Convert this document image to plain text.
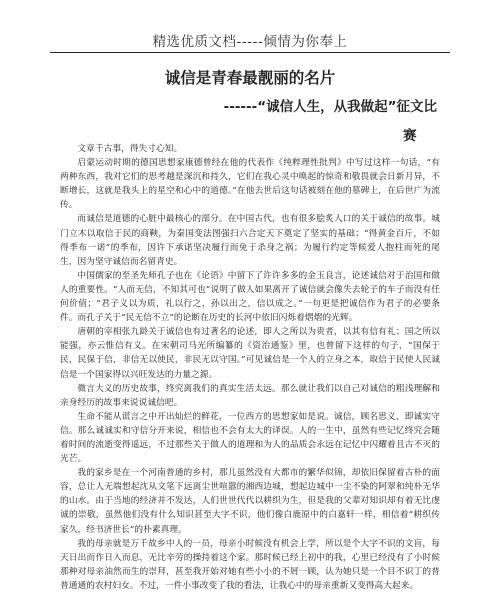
精选优质文档-----倾情为你奉上
诚信是青春最靓丽的名片
------“诚信人生，从我做起”征文比
赛

文章千古事，得失寸心知。

启蒙运动时期的德国思想家康德曾经在他的代表作《纯粹理性批判》中写过这样一句话，“有两种东西，我对它们的思考越是深沉和持久，它们在我心灵中唤起的惊奇和敬畏就会日新月异，不断增长，这就是我头上的星空和心中的道德。”在他去世后这句话被刻在他的墓碑上，在后世广为流传。

而诚信是道德的心脏中最核心的部分。在中国古代，也有很多脍炙人口的关于诚信的故事。城门立木以取信于民的商鞅，为秦国变法图强扫六合定天下奠定了坚实的基础；“得黄金百斤，不如得季布一诺”的季布，因许下承诺坚决履行而免于杀身之祸；为履行约定等候爱人抱柱而死的尾生，因为坚守诚信而名留青史。

中国儒家的至圣先师孔子也在《论语》中留下了许许多多的金玉良言，论述诚信对于治国和做人的重要性。“人而无信，不知其可也”说明了做人如果离开了诚信就会像失去轮子的车子而没有任何价值；“君子义以为质，礼以行之，孙以出之，信以成之。”一句更是把诚信作为君子的必要条件。而孔子关于“民无信不立”的论断在历史的长河中依旧闪烁着熠熠的光辉。

唐朝的宰相张九龄关于诚信也有过著名的论述，即人之所以为贵者，以其有信有礼；国之所以能强，亦云惟信有义。在宋朝司马光所编纂的《资治通鉴》里，也曾留下这样的句子，“国保于民，民保于信，非信无以使民，非民无以守国。”可见诚信是一个人的立身之本，取信于民使人民诚信是一个国家得以兴旺发达的力量之源。

微言大义的历史故事，终究离我们的真实生活太远。那么就让我们以自己对诚信的粗浅理解和亲身经历的故事来说说诚信吧。

生命不能从谎言之中开出灿烂的鲜花，一位西方的思想家如是说。诚信，顾名思义，即诚实守信。那么诚诚实和守信分开来说，相信也不会有太大的译误。人的一生中，虽然有些记忆终究会随着时间的流逝变得遥远，不过那些关于做人的道理和为人的品质会永远在记忆中闪耀着且古不灭的光芒。

我的家乡是在一个河南普通的乡村，那儿虽然没有大都市的繁华似锦，却依旧保留着古朴的面容，总让人无端想起沈从文笔下远离尘世喧嚣的湘西边城，想起边城中一尘不染的阿翠和纯朴无华的山水。由于当地的经济并不发达，人们世世代代以耕织为生，但是我的父辈对知识却有着无比虔诚的崇敬，虽然他们没有什么知识甚至大字不识，他们像白鹿原中的白嘉轩一样，相信着“耕织传家久，经书济世长”的朴素真理。

我的母亲就是万千故乡中人的一员，母亲小时候没有机会上学，所以是个大字不识的文盲，每天日出而作日入而息，无比辛劳的操持着这个家。那时候已经上初中的我，心里已经没有了小时候那种对母亲油然而生的崇拜，甚至我开始对她有些小小的不屑一顾，认为她只是一个目不识丁的普普通通的农村妇女。不过，一件小事改变了我的看法，让我心中的母亲重新又变得高大起来。
